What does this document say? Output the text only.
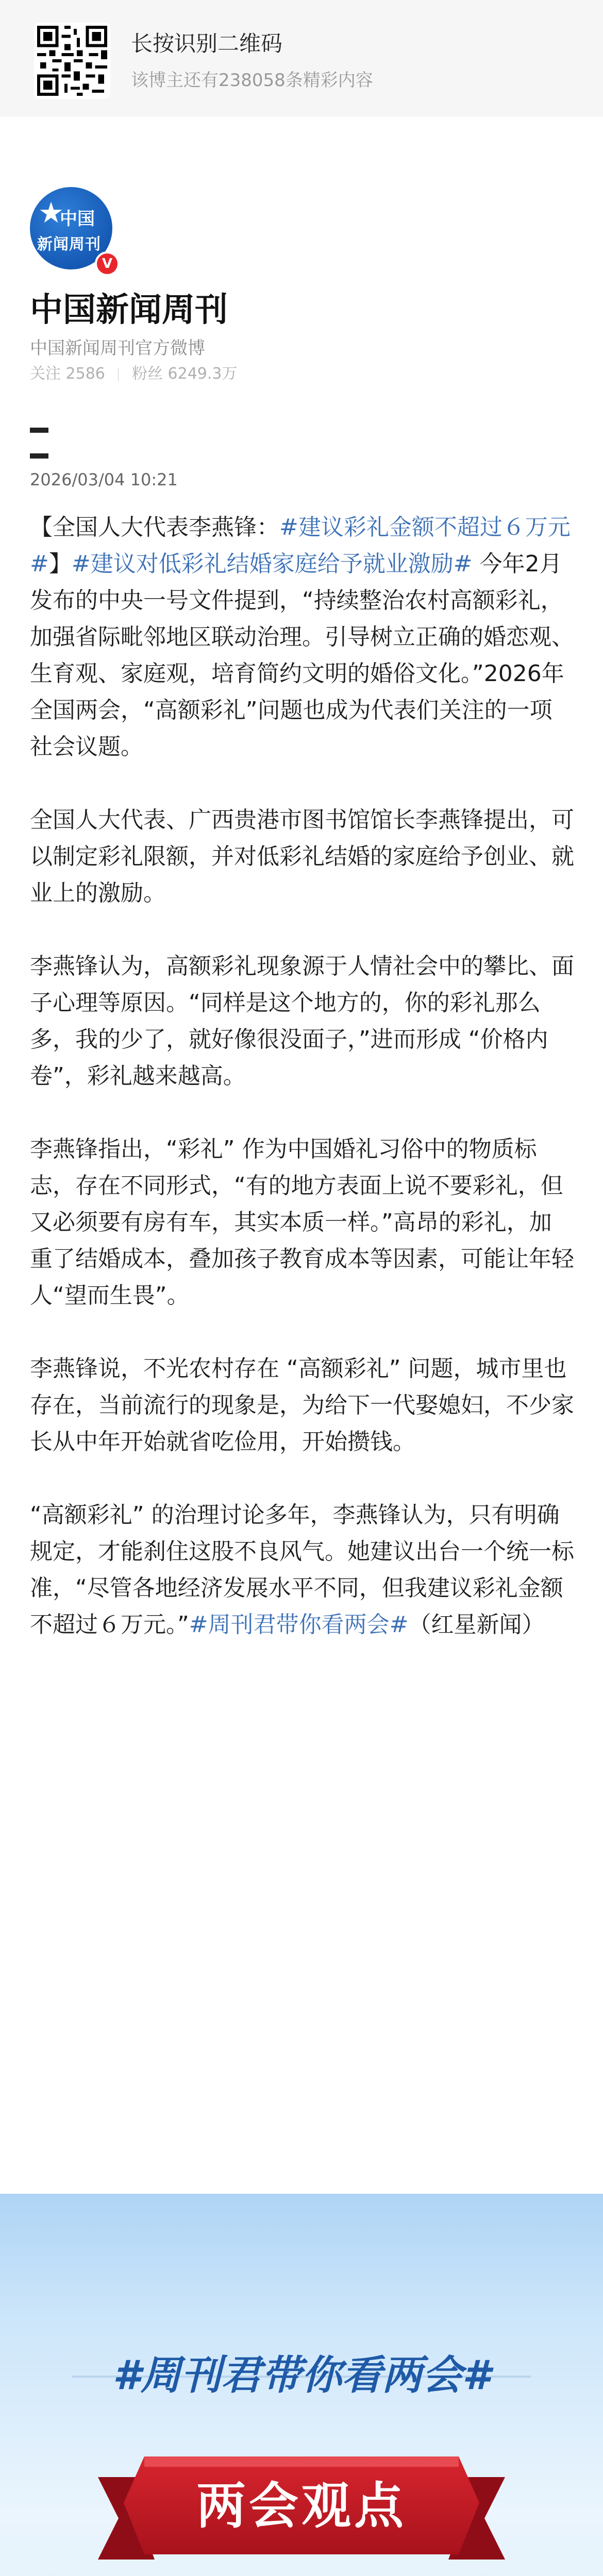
长按识别二维码
该博主还有238058条精彩内容
★
中国
新闻周刊
V
中国新闻周刊
中国新闻周刊官方微博
关注 2586 粉丝 6249.3万
2026/03/04 10:21

【全国人大代表李燕锋：#建议彩礼金额不超过６万元#】#建议对低彩礼结婚家庭给予就业激励# 今年2月发布的中央一号文件提到，“持续整治农村高额彩礼，加强省际毗邻地区联动治理。引导树立正确的婚恋观、生育观、家庭观，培育简约文明的婚俗文化。”2026年全国两会，“高额彩礼”问题也成为代表们关注的一项社会议题。

全国人大代表、广西贵港市图书馆馆长李燕锋提出，可以制定彩礼限额，并对低彩礼结婚的家庭给予创业、就业上的激励。

李燕锋认为，高额彩礼现象源于人情社会中的攀比、面子心理等原因。“同样是这个地方的，你的彩礼那么多，我的少了，就好像很没面子，”进而形成 “价格内卷”，彩礼越来越高。

李燕锋指出，“彩礼” 作为中国婚礼习俗中的物质标志，存在不同形式，“有的地方表面上说不要彩礼，但又必须要有房有车，其实本质一样。”高昂的彩礼，加重了结婚成本，叠加孩子教育成本等因素，可能让年轻人“望而生畏”。

李燕锋说，不光农村存在 “高额彩礼” 问题，城市里也存在，当前流行的现象是，为给下一代娶媳妇，不少家长从中年开始就省吃俭用，开始攒钱。

“高额彩礼” 的治理讨论多年，李燕锋认为，只有明确规定，才能刹住这股不良风气。她建议出台一个统一标准，“尽管各地经济发展水平不同，但我建议彩礼金额不超过６万元。”#周刊君带你看两会#（红星新闻）

#周刊君带你看两会#
两会观点
